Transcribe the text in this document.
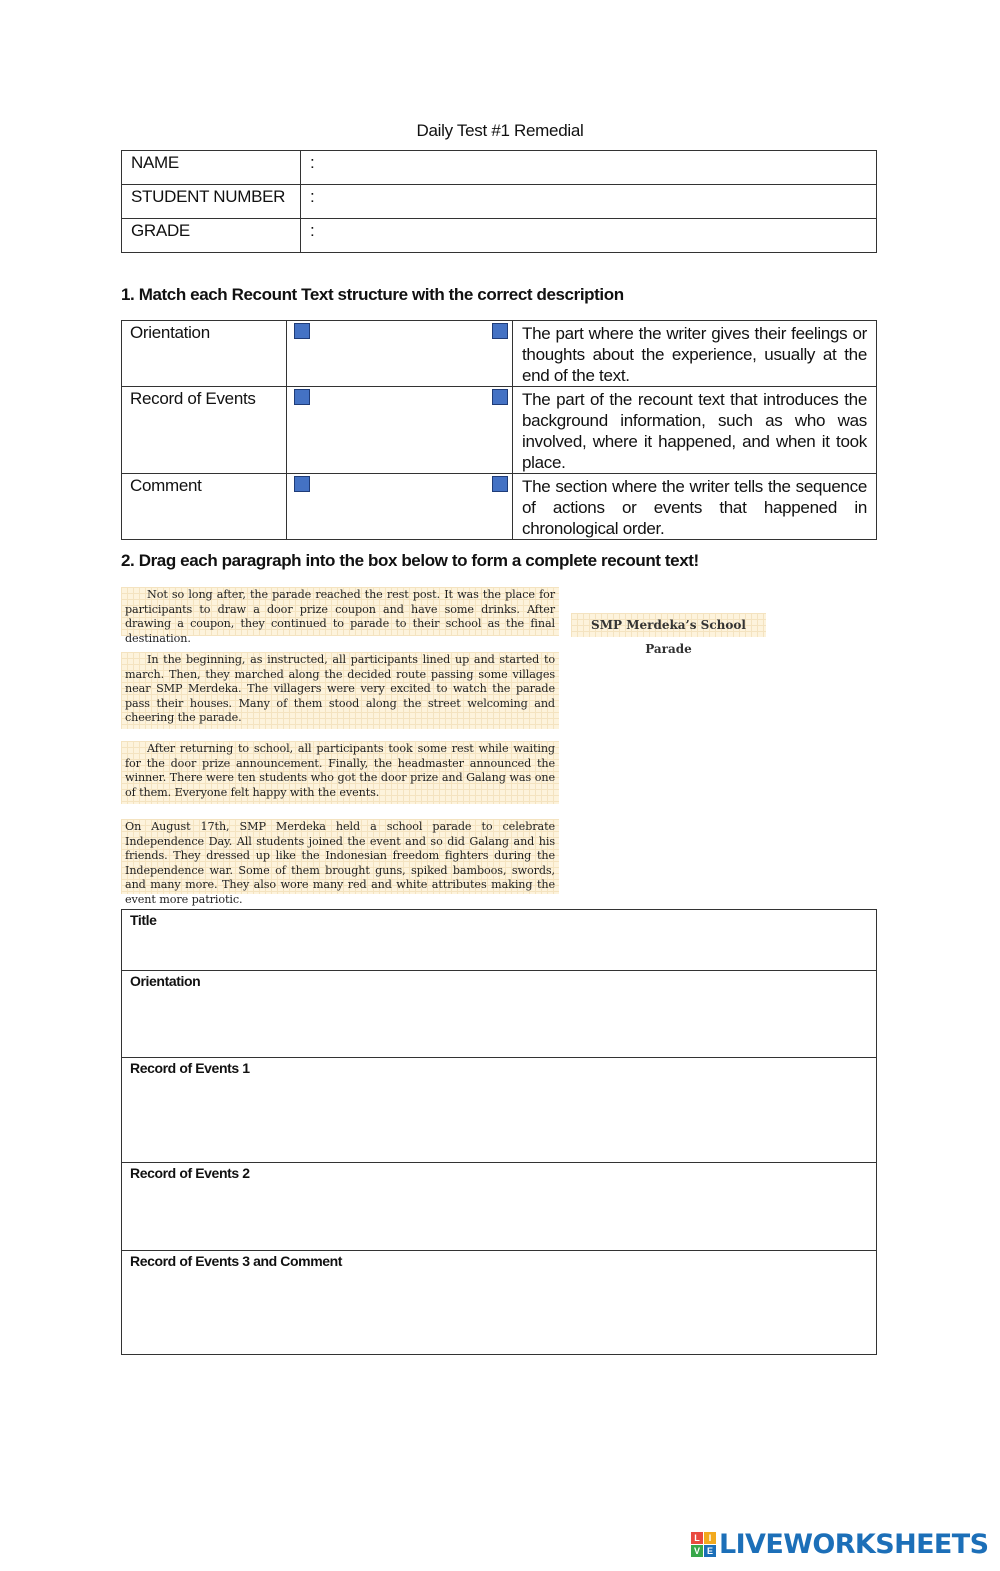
Daily Test #1 Remedial
NAME	:
STUDENT NUMBER	:
GRADE	:
1. Match each Recount Text structure with the correct description
Orientation		The part where the writer gives their feelings or thoughts about the experience, usually at the end of the text.
Record of Events		The part of the recount text that introduces the background information, such as who was involved, where it happened, and when it took place.
Comment		The section where the writer tells the sequence of actions or events that happened in chronological order.
2. Drag each paragraph into the box below to form a complete recount text!
Not so long after, the parade reached the rest post. It was the place for participants to draw a door prize coupon and have some drinks. After drawing a coupon, they continued to parade to their school as the final destination.
In the beginning, as instructed, all participants lined up and started to march. Then, they marched along the decided route passing some villages near SMP Merdeka. The villagers were very excited to watch the parade pass their houses. Many of them stood along the street welcoming and cheering the parade.
After returning to school, all participants took some rest while waiting for the door prize announcement. Finally, the headmaster announced the winner. There were ten students who got the door prize and Galang was one of them. Everyone felt happy with the events.
On August 17th, SMP Merdeka held a school parade to celebrate Independence Day. All students joined the event and so did Galang and his friends. They dressed up like the Indonesian freedom fighters during the Independence war. Some of them brought guns, spiked bamboos, swords, and many more. They also wore many red and white attributes making the event more patriotic.
SMP Merdeka’s School Parade
Title
Orientation
Record of Events 1
Record of Events 2
Record of Events 3 and Comment
L I
V E LIVEWORKSHEETS
